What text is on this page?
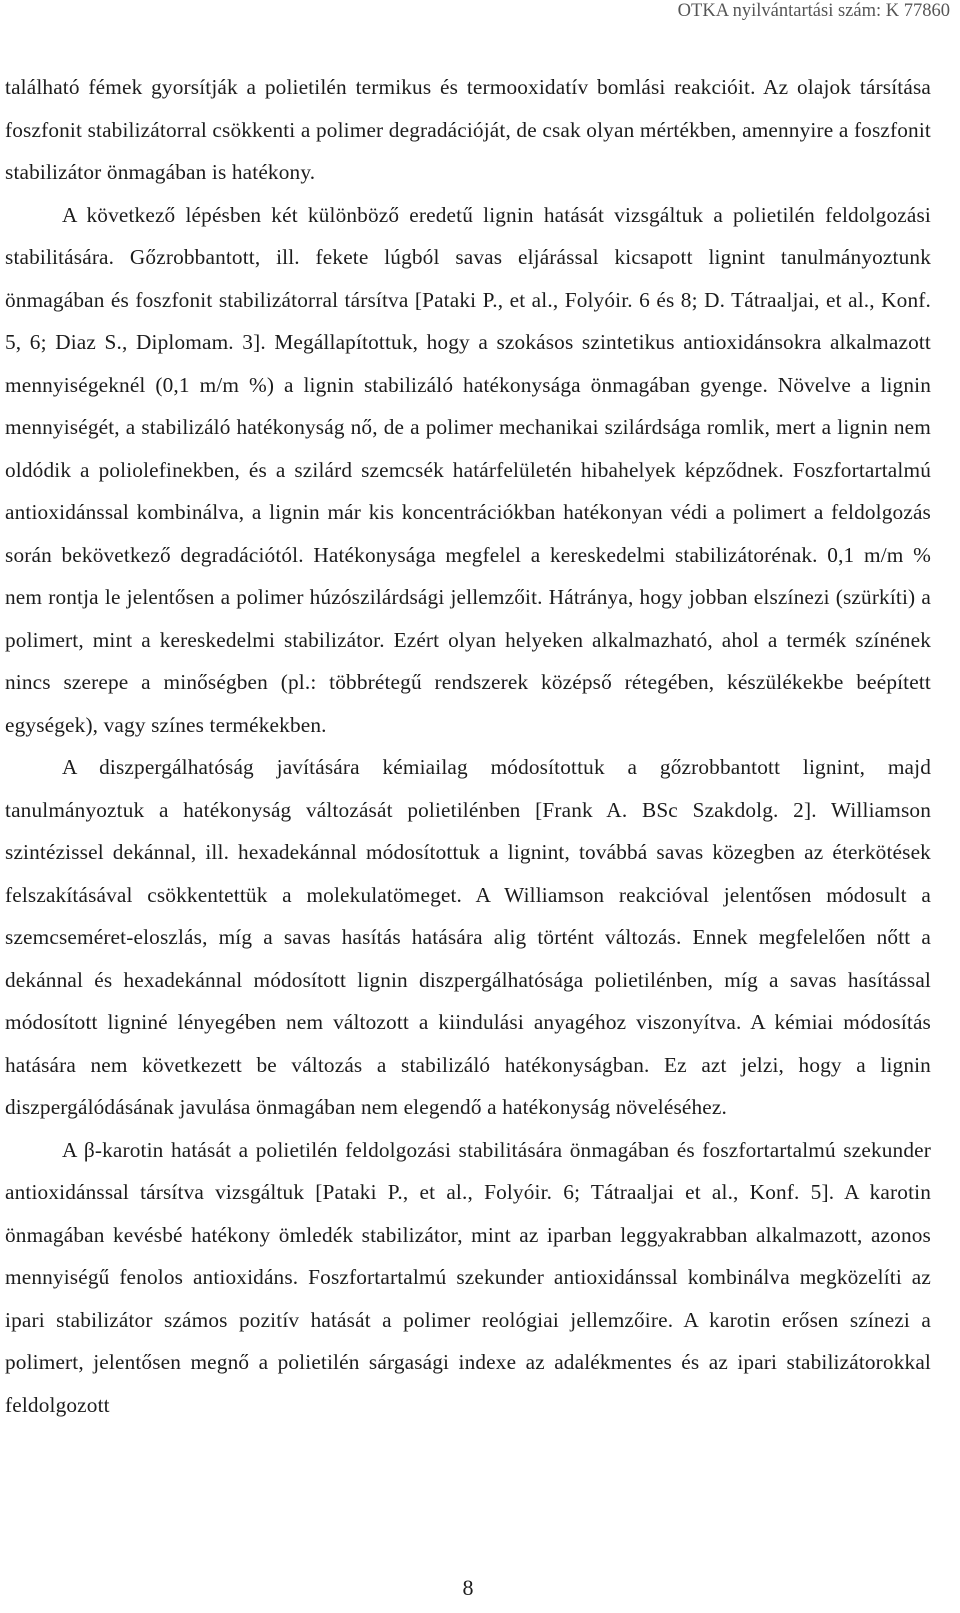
OTKA nyilvántartási szám: K 77860

található fémek gyorsítják a polietilén termikus és termooxidatív bomlási reakcióit. Az olajok társítása foszfonit stabilizátorral csökkenti a polimer degradációját, de csak olyan mértékben, amennyire a foszfonit stabilizátor önmagában is hatékony.

A következő lépésben két különböző eredetű lignin hatását vizsgáltuk a polietilén feldolgozási stabilitására. Gőzrobbantott, ill. fekete lúgból savas eljárással kicsapott lignint tanulmányoztunk önmagában és foszfonit stabilizátorral társítva [Pataki P., et al., Folyóir. 6 és 8; D. Tátraaljai, et al., Konf. 5, 6; Diaz S., Diplomam. 3]. Megállapítottuk, hogy a szokásos szintetikus antioxidánsokra alkalmazott mennyiségeknél (0,1 m/m %) a lignin stabilizáló hatékonysága önmagában gyenge. Növelve a lignin mennyiségét, a stabilizáló hatékonyság nő, de a polimer mechanikai szilárdsága romlik, mert a lignin nem oldódik a poliolefinekben, és a szilárd szemcsék határfelületén hibahelyek képződnek. Foszfortartalmú antioxidánssal kombinálva, a lignin már kis koncentrációkban hatékonyan védi a polimert a feldolgozás során bekövetkező degradációtól. Hatékonysága megfelel a kereskedelmi stabilizátorénak. 0,1 m/m % nem rontja le jelentősen a polimer húzószilárdsági jellemzőit. Hátránya, hogy jobban elszínezi (szürkíti) a polimert, mint a kereskedelmi stabilizátor. Ezért olyan helyeken alkalmazható, ahol a termék színének nincs szerepe a minőségben (pl.: többrétegű rendszerek középső rétegében, készülékekbe beépített egységek), vagy színes termékekben.

A diszpergálhatóság javítására kémiailag módosítottuk a gőzrobbantott lignint, majd tanulmányoztuk a hatékonyság változását polietilénben [Frank A. BSc Szakdolg. 2]. Williamson szintézissel dekánnal, ill. hexadekánnal módosítottuk a lignint, továbbá savas közegben az éterkötések felszakításával csökkentettük a molekulatömeget. A Williamson reakcióval jelentősen módosult a szemcseméret-eloszlás, míg a savas hasítás hatására alig történt változás. Ennek megfelelően nőtt a dekánnal és hexadekánnal módosított lignin diszpergálhatósága polietilénben, míg a savas hasítással módosított ligniné lényegében nem változott a kiindulási anyagéhoz viszonyítva. A kémiai módosítás hatására nem következett be változás a stabilizáló hatékonyságban. Ez azt jelzi, hogy a lignin diszpergálódásának javulása önmagában nem elegendő a hatékonyság növeléséhez.

A β-karotin hatását a polietilén feldolgozási stabilitására önmagában és foszfortartalmú szekunder antioxidánssal társítva vizsgáltuk [Pataki P., et al., Folyóir. 6; Tátraaljai et al., Konf. 5]. A karotin önmagában kevésbé hatékony ömledék stabilizátor, mint az iparban leggyakrabban alkalmazott, azonos mennyiségű fenolos antioxidáns. Foszfortartalmú szekunder antioxidánssal kombinálva megközelíti az ipari stabilizátor számos pozitív hatását a polimer reológiai jellemzőire. A karotin erősen színezi a polimert, jelentősen megnő a polietilén sárgasági indexe az adalékmentes és az ipari stabilizátorokkal feldolgozott

8
